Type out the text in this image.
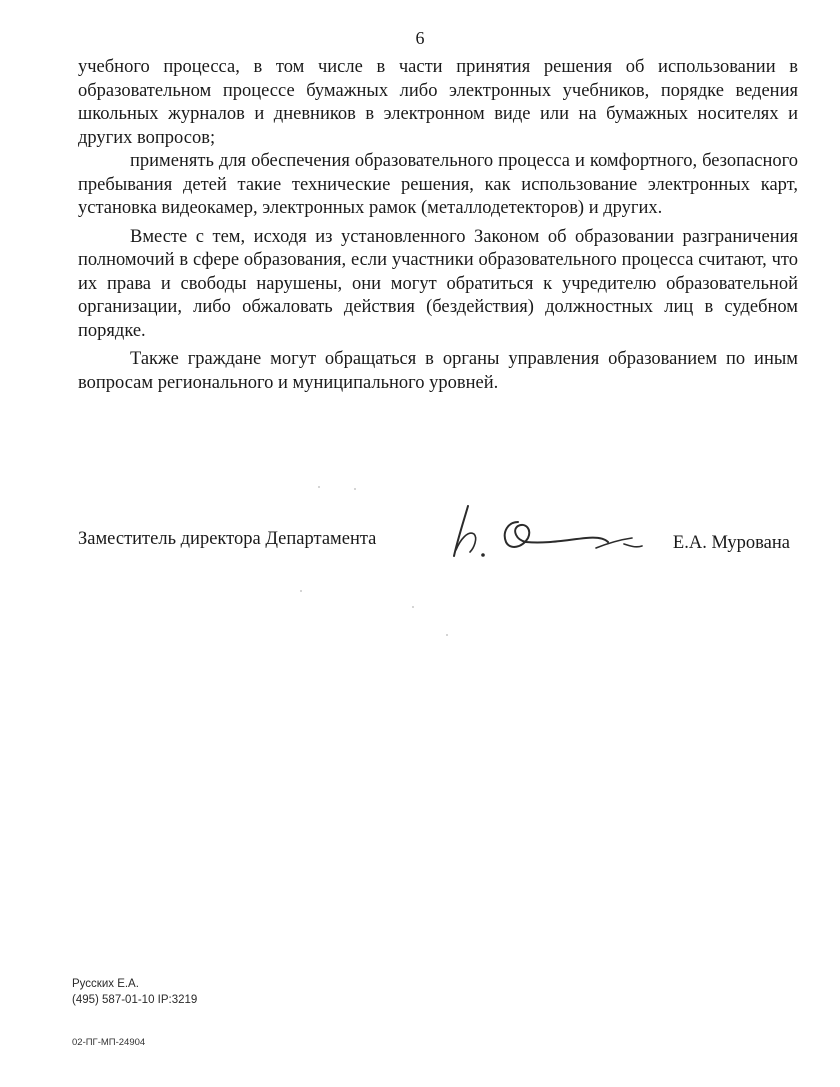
6

учебного процесса, в том числе в части принятия решения об использовании в образовательном процессе бумажных либо электронных учебников, порядке ведения школьных журналов и дневников в электронном виде или на бумажных носителях и других вопросов;

применять для обеспечения образовательного процесса и комфортного, безопасного пребывания детей такие технические решения, как использование электронных карт, установка видеокамер, электронных рамок (металлодетекторов) и других.

Вместе с тем, исходя из установленного Законом об образовании разграничения полномочий в сфере образования, если участники образовательного процесса считают, что их права и свободы нарушены, они могут обратиться к учредителю образовательной организации, либо обжаловать действия (бездействия) должностных лиц в судебном порядке.

Также граждане могут обращаться в органы управления образованием по иным вопросам регионального и муниципального уровней.

Заместитель директора Департамента	Е.А. Мурована
Русских Е.А.
(495) 587-01-10 IP:3219
02-ПГ-МП-24904
